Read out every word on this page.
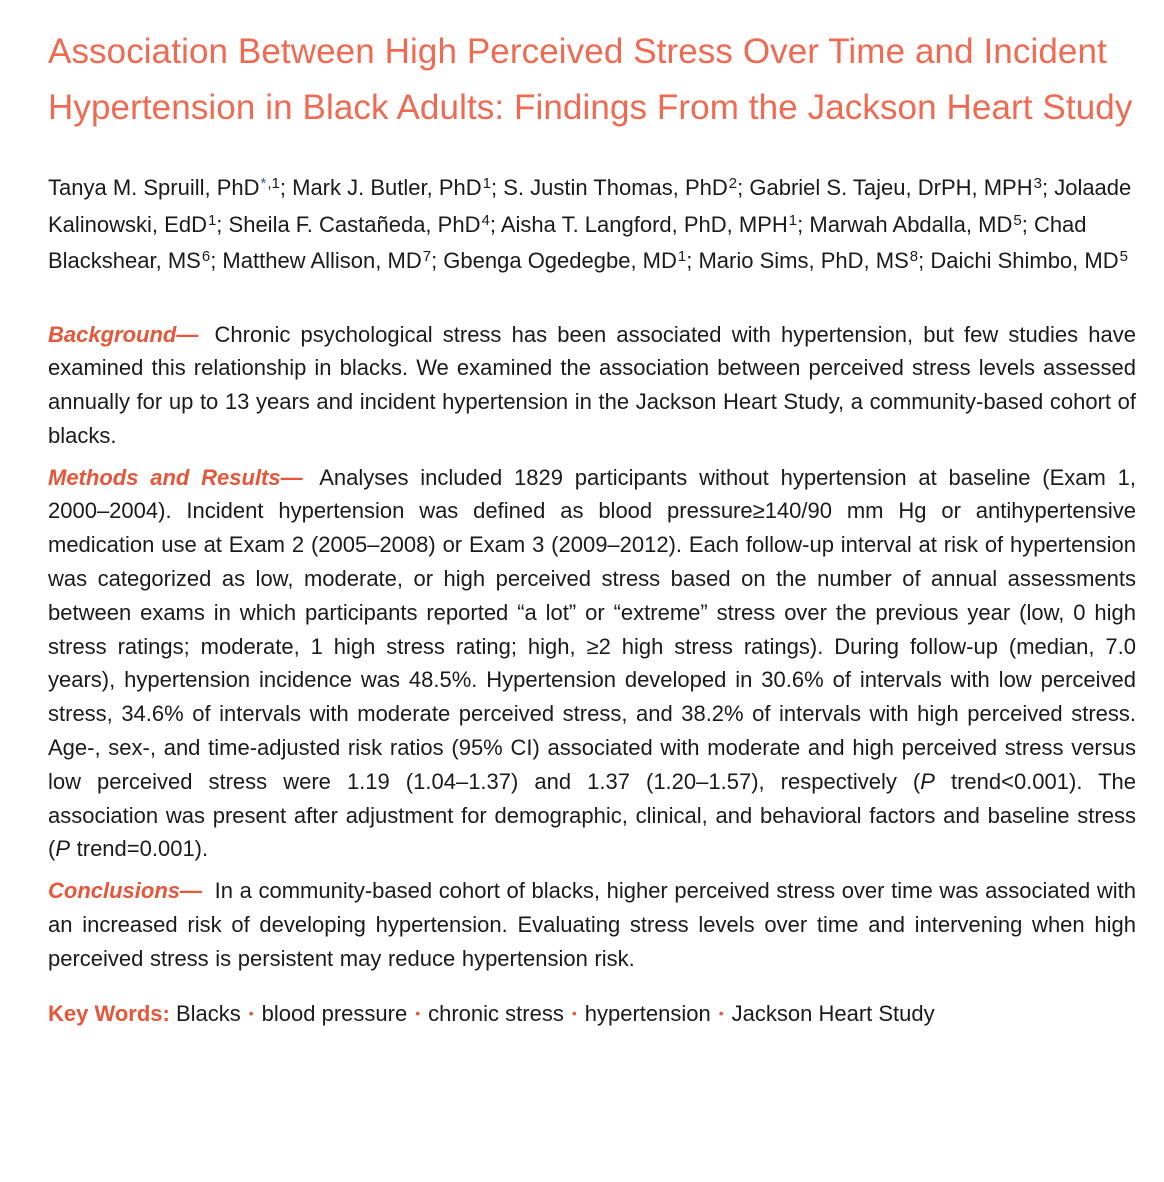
Association Between High Perceived Stress Over Time and Incident Hypertension in Black Adults: Findings From the Jackson Heart Study
Tanya M. Spruill, PhD$^{*,1}$; Mark J. Butler, PhD$^1$; S. Justin Thomas, PhD$^2$; Gabriel S. Tajeu, DrPH, MPH$^3$; Jolaade Kalinowski, EdD$^1$; Sheila F. Castañeda, PhD$^4$; Aisha T. Langford, PhD, MPH$^1$; Marwah Abdalla, $MD^5$; Chad Blackshear, $MS^6$; Matthew Allison, $MD^7$; Gbenga Ogedegbe, $MD^1$; Mario Sims, PhD, $MS^8$; Daichi Shimbo, $MD^5$

Background— Chronic psychological stress has been associated with hypertension, but few studies have examined this relationship in blacks. We examined the association between perceived stress levels assessed annually for up to 13 years and incident hypertension in the Jackson Heart Study, a community-based cohort of blacks.

Methods and Results— Analyses included 1829 participants without hypertension at baseline (Exam 1, 2000–2004). Incident hypertension was defined as blood pressure≥140/90 mm Hg or antihypertensive medication use at Exam 2 (2005–2008) or Exam 3 (2009–2012). Each follow-up interval at risk of hypertension was categorized as low, moderate, or high perceived stress based on the number of annual assessments between exams in which participants reported “a lot” or “extreme” stress over the previous year (low, 0 high stress ratings; moderate, 1 high stress rating; high, ≥2 high stress ratings). During follow-up (median, 7.0 years), hypertension incidence was 48.5%. Hypertension developed in 30.6% of intervals with low perceived stress, 34.6% of intervals with moderate perceived stress, and 38.2% of intervals with high perceived stress. Age-, sex-, and time-adjusted risk ratios (95% CI) associated with moderate and high perceived stress versus low perceived stress were 1.19 (1.04–1.37) and 1.37 (1.20–1.57), respectively (P trend<0.001). The association was present after adjustment for demographic, clinical, and behavioral factors and baseline stress (P trend=0.001).

Conclusions— In a community-based cohort of blacks, higher perceived stress over time was associated with an increased risk of developing hypertension. Evaluating stress levels over time and intervening when high perceived stress is persistent may reduce hypertension risk.

Key Words: Blacks • blood pressure • chronic stress • hypertension • Jackson Heart Study
